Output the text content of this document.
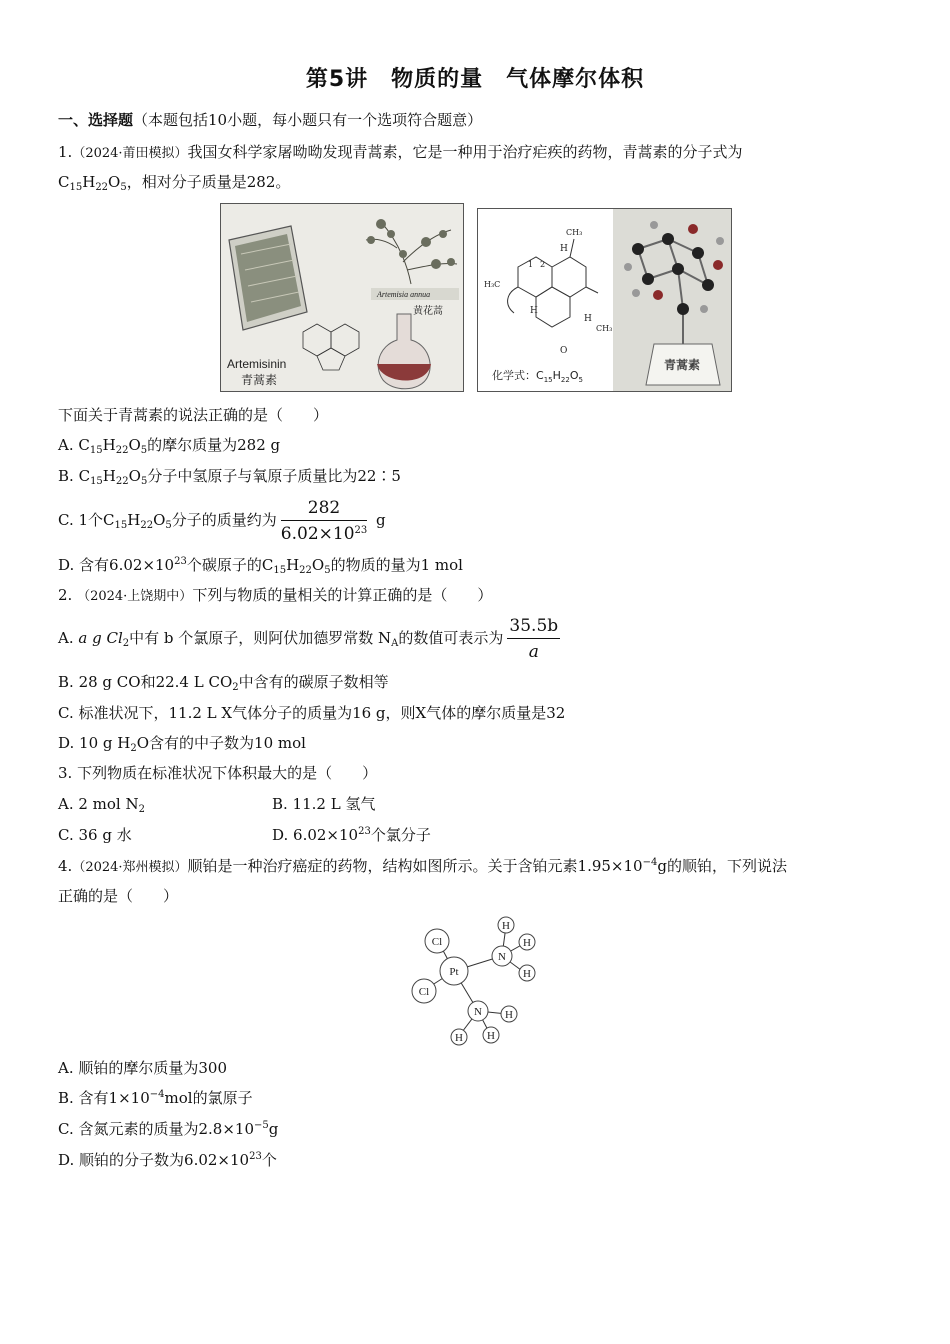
第5讲　物质的量　气体摩尔体积
一、选择题（本题包括10小题，每小题只有一个选项符合题意）
1.（2024·莆田模拟）我国女科学家屠呦呦发现青蒿素，它是一种用于治疗疟疾的药物，青蒿素的分子式为
$C_{15}H_{22}O_5$，相对分子质量是282。
Artemisia annua
黄花蒿
Artemisinin
青蒿素
CH₃
H
1 2
H₃C
H
H
CH₃
O
化学式：$C_{15}H_{22}O_5$
青蒿素
下面关于青蒿素的说法正确的是（　　）
A. $C_{15}H_{22}O_5$的摩尔质量为282 g
B. $C_{15}H_{22}O_5$分子中氢原子与氧原子质量比为22∶5
C. 1个$C_{15}H_{22}O_5$分子的质量约为 $\frac{282}{6.02\times 10^{23}}$ g
D. 含有$6.02\times 10^{23}$个碳原子的$C_{15}H_{22}O_5$的物质的量为1 mol
2. （2024·上饶期中）下列与物质的量相关的计算正确的是（　　）
A. a g $Cl_2$中有 b 个氯原子，则阿伏加德罗常数 $N_A$的数值可表示为 $\frac{35.5b}{a}$
B. 28 g CO和22.4 L $CO_2$中含有的碳原子数相等
C. 标准状况下，11.2 L X气体分子的质量为16 g，则X气体的摩尔质量是32
D. 10 g $H_2O$含有的中子数为10 mol
3. 下列物质在标准状况下体积最大的是（　　）
A. 2 mol $N_2$	B. 11.2 L 氢气
C. 36 g 水	D. $6.02\times 10^{23}$个氯分子
4.（2024·郑州模拟）顺铂是一种治疗癌症的药物，结构如图所示。关于含铂元素$1.95\times 10^{-4}g$的顺铂，下列说法
正确的是（　　）
Pt
Cl
Cl
N
N
H
H
H
H H
H
A. 顺铂的摩尔质量为300
B. 含有$1\times 10^{-4}mol$的氯原子
C. 含氮元素的质量为$2.8\times 10^{-5}g$
D. 顺铂的分子数为$6.02\times 10^{23}$个
